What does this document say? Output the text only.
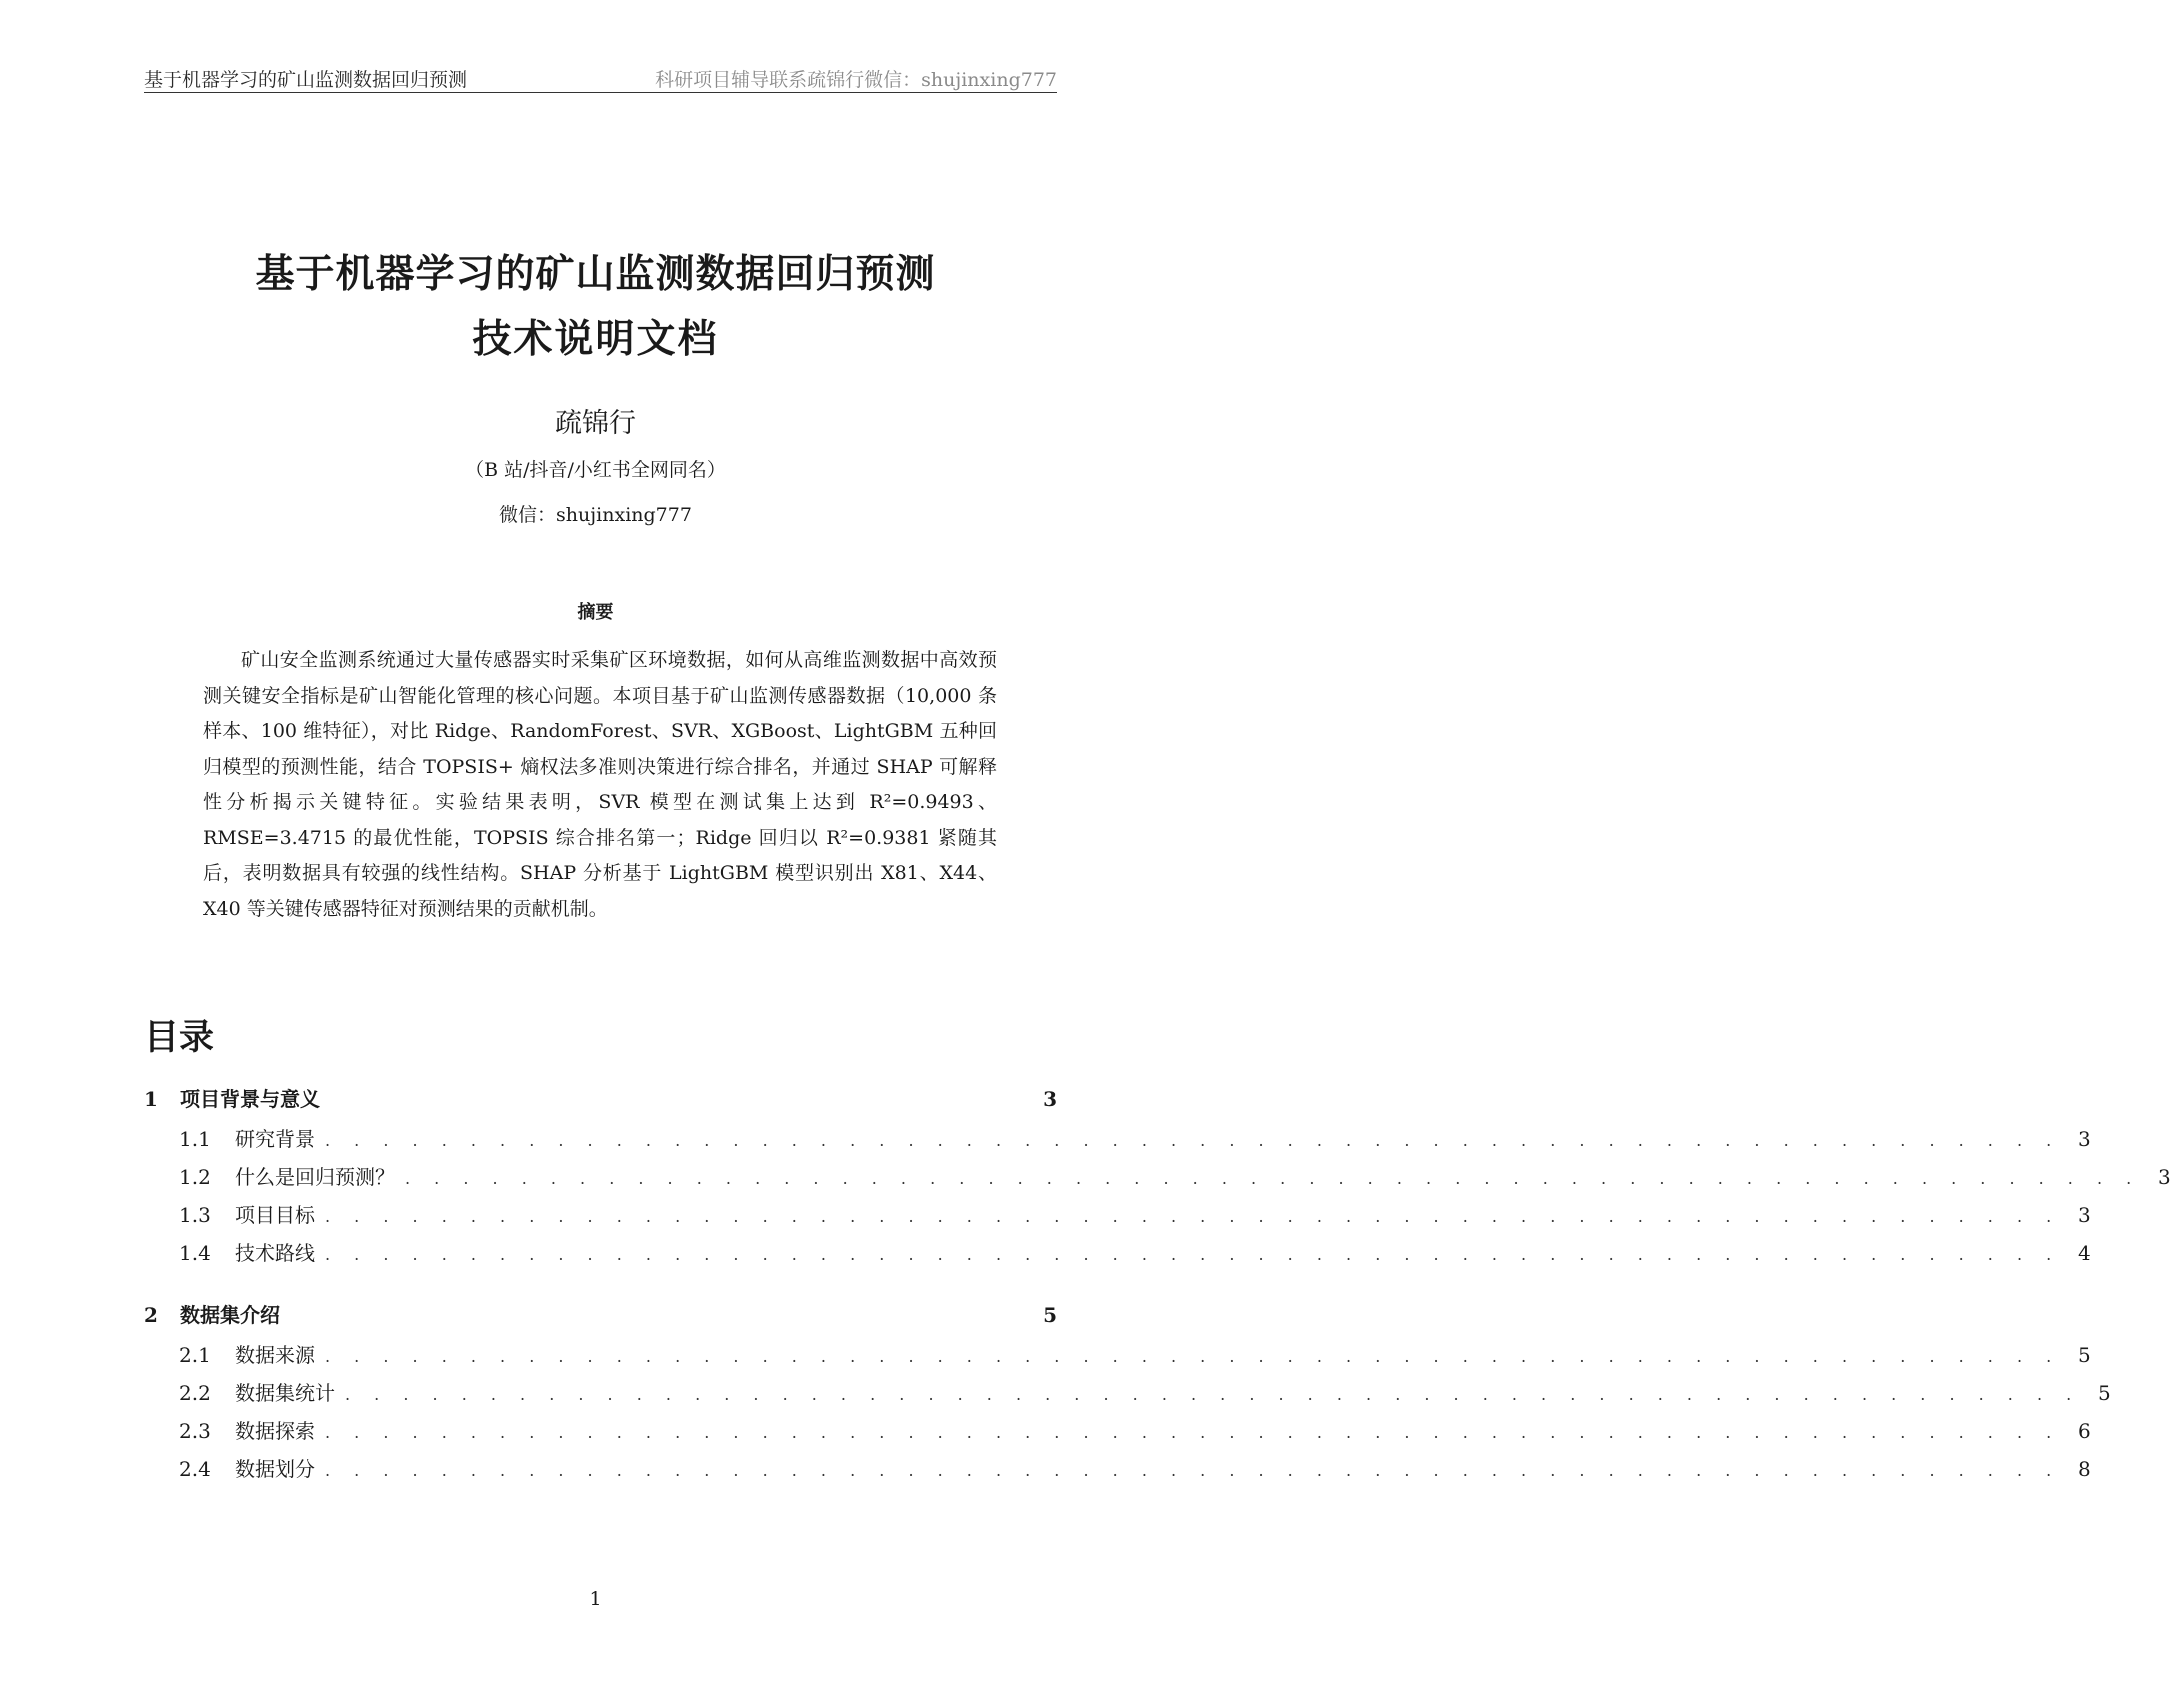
基于机器学习的矿山监测数据回归预测	科研项目辅导联系疏锦行微信：shujinxing777
基于机器学习的矿山监测数据回归预测
技术说明文档
疏锦行
（B 站/抖音/小红书全网同名）
微信：shujinxing777
摘要
矿山安全监测系统通过大量传感器实时采集矿区环境数据，如何从高维监测数据中高效预测关键安全指标是矿山智能化管理的核心问题。本项目基于矿山监测传感器数据（10,000 条样本、100 维特征），对比 Ridge、RandomForest、SVR、XGBoost、LightGBM 五种回归模型的预测性能，结合 TOPSIS+ 熵权法多准则决策进行综合排名，并通过 SHAP 可解释性分析揭示关键特征。实验结果表明，SVR 模型在测试集上达到 R²=0.9493、RMSE=3.4715 的最优性能，TOPSIS 综合排名第一；Ridge 回归以 R²=0.9381 紧随其后，表明数据具有较强的线性结构。SHAP 分析基于 LightGBM 模型识别出 X81、X44、X40 等关键传感器特征对预测结果的贡献机制。
目录
1	项目背景与意义	3
1.1	研究背景 . . . . . . . . . . . . . . . . . . . . . . . . . . . . . . . . . . . . . . . . . . . . . . . . . . . . . . . . . . . . 3
1.2	什么是回归预测？ . . . . . . . . . . . . . . . . . . . . . . . . . . . . . . . . . . . . . . . . . . . . . . . . . . . . . . . . . . . . 3
1.3	项目目标 . . . . . . . . . . . . . . . . . . . . . . . . . . . . . . . . . . . . . . . . . . . . . . . . . . . . . . . . . . . . 3
1.4	技术路线 . . . . . . . . . . . . . . . . . . . . . . . . . . . . . . . . . . . . . . . . . . . . . . . . . . . . . . . . . . . . 4
2	数据集介绍	5
2.1	数据来源 . . . . . . . . . . . . . . . . . . . . . . . . . . . . . . . . . . . . . . . . . . . . . . . . . . . . . . . . . . . . 5
2.2	数据集统计 . . . . . . . . . . . . . . . . . . . . . . . . . . . . . . . . . . . . . . . . . . . . . . . . . . . . . . . . . . . . 5
2.3	数据探索 . . . . . . . . . . . . . . . . . . . . . . . . . . . . . . . . . . . . . . . . . . . . . . . . . . . . . . . . . . . . 6
2.4	数据划分 . . . . . . . . . . . . . . . . . . . . . . . . . . . . . . . . . . . . . . . . . . . . . . . . . . . . . . . . . . . . 8
1
